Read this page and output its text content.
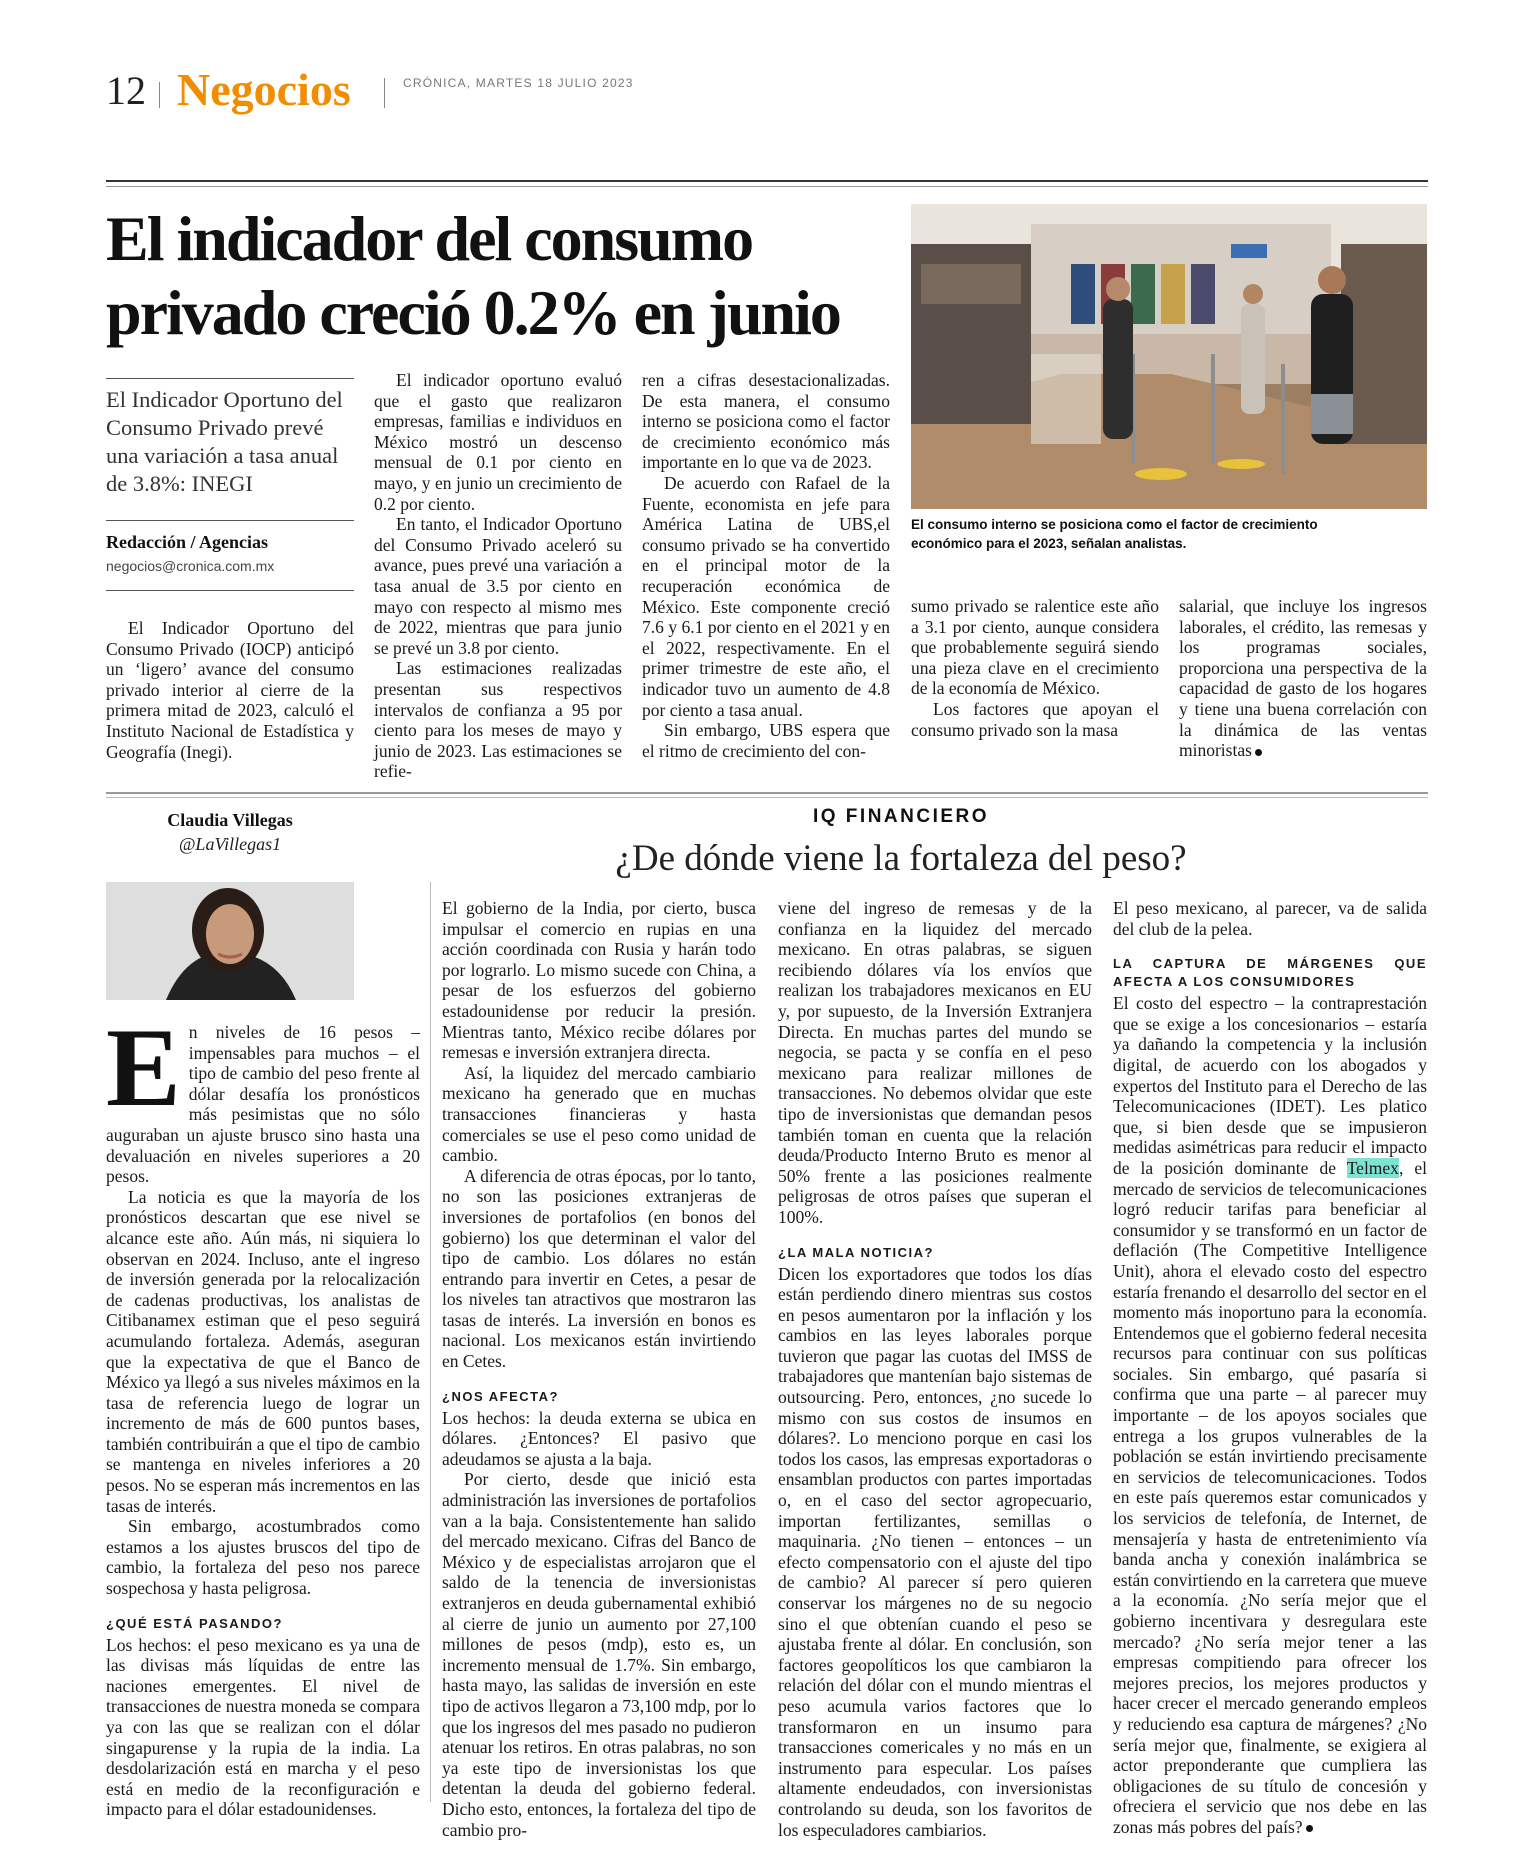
12 Negocios	CRÓNICA, MARTES 18 JULIO 2023
El indicador del consumo privado creció 0.2% en junio
El Indicador Oportuno del Consumo Privado prevé una variación a tasa anual de 3.8%: INEGI
Redacción / Agencias
negocios@cronica.com.mx

El Indicador Oportuno del Consumo Privado (IOCP) anticipó un ‘ligero’ avance del consumo privado interior al cierre de la primera mitad de 2023, calculó el Instituto Nacional de Estadística y Geografía (Inegi).

El indicador oportuno evaluó que el gasto que realizaron empresas, familias e individuos en México mostró un descenso mensual de 0.1 por ciento en mayo, y en junio un crecimiento de 0.2 por ciento.

En tanto, el Indicador Oportuno del Consumo Privado aceleró su avance, pues prevé una variación a tasa anual de 3.5 por ciento en mayo con respecto al mismo mes de 2022, mientras que para junio se prevé un 3.8 por ciento.

Las estimaciones realizadas presentan sus respectivos intervalos de confianza a 95 por ciento para los meses de mayo y junio de 2023. Las estimaciones se refie-

ren a cifras desestacionalizadas. De esta manera, el consumo interno se posiciona como el factor de crecimiento económico más importante en lo que va de 2023.

De acuerdo con Rafael de la Fuente, economista en jefe para América Latina de UBS,el consumo privado se ha convertido en el principal motor de la recuperación económica de México. Este componente creció 7.6 y 6.1 por ciento en el 2021 y en el 2022, respectivamente. En el primer trimestre de este año, el indicador tuvo un aumento de 4.8 por ciento a tasa anual.

Sin embargo, UBS espera que el ritmo de crecimiento del con-

El consumo interno se posiciona como el factor de crecimiento económico para el 2023, señalan analistas.

sumo privado se ralentice este año a 3.1 por ciento, aunque considera que probablemente seguirá siendo una pieza clave en el crecimiento de la economía de México.

Los factores que apoyan el consumo privado son la masa

salarial, que incluye los ingresos laborales, el crédito, las remesas y los programas sociales, proporciona una perspectiva de la capacidad de gasto de los hogares y tiene una buena correlación con la dinámica de las ventas minoristas

Claudia Villegas
@LaVillegas1
IQ FINANCIERO
¿De dónde viene la fortaleza del peso?

En niveles de 16 pesos – impensables para muchos – el tipo de cambio del peso frente al dólar desafía los pronósticos más pesimistas que no sólo auguraban un ajuste brusco sino hasta una devaluación en niveles superiores a 20 pesos.

La noticia es que la mayoría de los pronósticos descartan que ese nivel se alcance este año. Aún más, ni siquiera lo observan en 2024. Incluso, ante el ingreso de inversión generada por la relocalización de cadenas productivas, los analistas de Citibanamex estiman que el peso seguirá acumulando fortaleza. Además, aseguran que la expectativa de que el Banco de México ya llegó a sus niveles máximos en la tasa de referencia luego de lograr un incremento de más de 600 puntos bases, también contribuirán a que el tipo de cambio se mantenga en niveles inferiores a 20 pesos. No se esperan más incrementos en las tasas de interés.

Sin embargo, acostumbrados como estamos a los ajustes bruscos del tipo de cambio, la fortaleza del peso nos parece sospechosa y hasta peligrosa.

¿QUÉ ESTÁ PASANDO?

Los hechos: el peso mexicano es ya una de las divisas más líquidas de entre las naciones emergentes. El nivel de transacciones de nuestra moneda se compara ya con las que se realizan con el dólar singapurense y la rupia de la india. La desdolarización está en marcha y el peso está en medio de la reconfiguración e impacto para el dólar estadounidenses.

El gobierno de la India, por cierto, busca impulsar el comercio en rupias en una acción coordinada con Rusia y harán todo por lograrlo. Lo mismo sucede con China, a pesar de los esfuerzos del gobierno estadounidense por reducir la presión. Mientras tanto, México recibe dólares por remesas e inversión extranjera directa.

Así, la liquidez del mercado cambiario mexicano ha generado que en muchas transacciones financieras y hasta comerciales se use el peso como unidad de cambio.

A diferencia de otras épocas, por lo tanto, no son las posiciones extranjeras de inversiones de portafolios (en bonos del gobierno) los que determinan el valor del tipo de cambio. Los dólares no están entrando para invertir en Cetes, a pesar de los niveles tan atractivos que mostraron las tasas de interés. La inversión en bonos es nacional. Los mexicanos están invirtiendo en Cetes.

¿NOS AFECTA?

Los hechos: la deuda externa se ubica en dólares. ¿Entonces? El pasivo que adeudamos se ajusta a la baja.

Por cierto, desde que inició esta administración las inversiones de portafolios van a la baja. Consistentemente han salido del mercado mexicano. Cifras del Banco de México y de especialistas arrojaron que el saldo de la tenencia de inversionistas extranjeros en deuda gubernamental exhibió al cierre de junio un aumento por 27,100 millones de pesos (mdp), esto es, un incremento mensual de 1.7%. Sin embargo, hasta mayo, las salidas de inversión en este tipo de activos llegaron a 73,100 mdp, por lo que los ingresos del mes pasado no pudieron atenuar los retiros. En otras palabras, no son ya este tipo de inversionistas los que detentan la deuda del gobierno federal. Dicho esto, entonces, la fortaleza del tipo de cambio pro-

viene del ingreso de remesas y de la confianza en la liquidez del mercado mexicano. En otras palabras, se siguen recibiendo dólares vía los envíos que realizan los trabajadores mexicanos en EU y, por supuesto, de la Inversión Extranjera Directa. En muchas partes del mundo se negocia, se pacta y se confía en el peso mexicano para realizar millones de transacciones. No debemos olvidar que este tipo de inversionistas que demandan pesos también toman en cuenta que la relación deuda/Producto Interno Bruto es menor al 50% frente a las posiciones realmente peligrosas de otros países que superan el 100%.

¿LA MALA NOTICIA?

Dicen los exportadores que todos los días están perdiendo dinero mientras sus costos en pesos aumentaron por la inflación y los cambios en las leyes laborales porque tuvieron que pagar las cuotas del IMSS de trabajadores que mantenían bajo sistemas de outsourcing. Pero, entonces, ¿no sucede lo mismo con sus costos de insumos en dólares?. Lo menciono porque en casi los todos los casos, las empresas exportadoras o ensamblan productos con partes importadas o, en el caso del sector agropecuario, importan fertilizantes, semillas o maquinaria. ¿No tienen – entonces – un efecto compensatorio con el ajuste del tipo de cambio? Al parecer sí pero quieren conservar los márgenes no de su negocio sino el que obtenían cuando el peso se ajustaba frente al dólar. En conclusión, son factores geopolíticos los que cambiaron la relación del dólar con el mundo mientras el peso acumula varios factores que lo transformaron en un insumo para transacciones comericales y no más en un instrumento para especular. Los países altamente endeudados, con inversionistas controlando su deuda, son los favoritos de los especuladores cambiarios.

El peso mexicano, al parecer, va de salida del club de la pelea.

LA CAPTURA DE MÁRGENES QUE AFECTA A LOS CONSUMIDORES

El costo del espectro – la contraprestación que se exige a los concesionarios – estaría ya dañando la competencia y la inclusión digital, de acuerdo con los abogados y expertos del Instituto para el Derecho de las Telecomunicaciones (IDET). Les platico que, si bien desde que se impusieron medidas asimétricas para reducir el impacto de la posición dominante de Telmex, el mercado de servicios de telecomunicaciones logró reducir tarifas para beneficiar al consumidor y se transformó en un factor de deflación (The Competitive Intelligence Unit), ahora el elevado costo del espectro estaría frenando el desarrollo del sector en el momento más inoportuno para la economía. Entendemos que el gobierno federal necesita recursos para continuar con sus políticas sociales. Sin embargo, qué pasaría si confirma que una parte – al parecer muy importante – de los apoyos sociales que entrega a los grupos vulnerables de la población se están invirtiendo precisamente en servicios de telecomunicaciones. Todos en este país queremos estar comunicados y los servicios de telefonía, de Internet, de mensajería y hasta de entretenimiento vía banda ancha y conexión inalámbrica se están convirtiendo en la carretera que mueve a la economía. ¿No sería mejor que el gobierno incentivara y desregulara este mercado? ¿No sería mejor tener a las empresas compitiendo para ofrecer los mejores precios, los mejores productos y hacer crecer el mercado generando empleos y reduciendo esa captura de márgenes? ¿No sería mejor que, finalmente, se exigiera al actor preponderante que cumpliera las obligaciones de su título de concesión y ofreciera el servicio que nos debe en las zonas más pobres del país?
